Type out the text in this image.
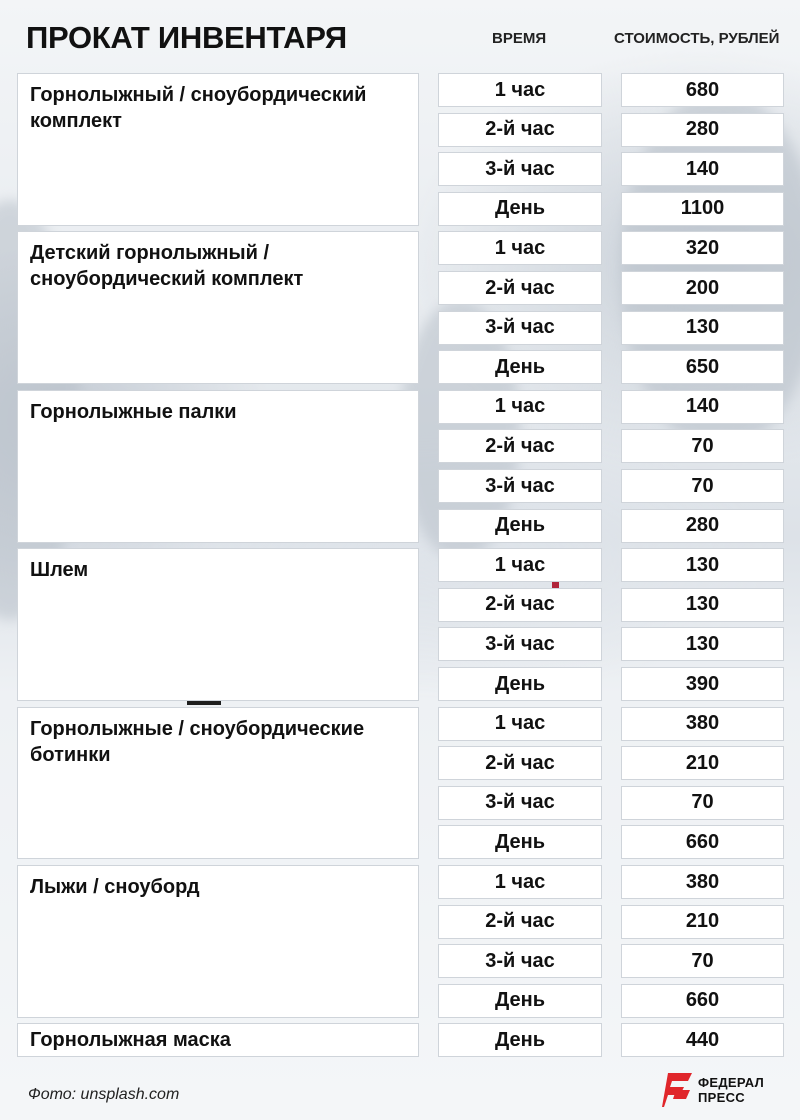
ПРОКАТ ИНВЕНТАРЯ	ВРЕМЯ	СТОИМОСТЬ, РУБЛЕЙ
Горнолыжный / сноубордический комплект
1 час	680
2-й час	280
3-й час	140
День	1100
Детский горнолыжный / сноубордический комплект
1 час	320
2-й час	200
3-й час	130
День	650
Горнолыжные палки	1 час	140
2-й час	70
3-й час	70
День	280
Шлем	1 час	130
2-й час	130
3-й час	130
День	390
Горнолыжные / сноубордические ботинки
1 час	380
2-й час	210
3-й час	70
День	660
Лыжи / сноуборд	1 час	380
2-й час	210
3-й час	70
День	660
Горнолыжная маска	День	440
Фото: unsplash.com
ФЕДЕРАЛ
ПРЕСС
